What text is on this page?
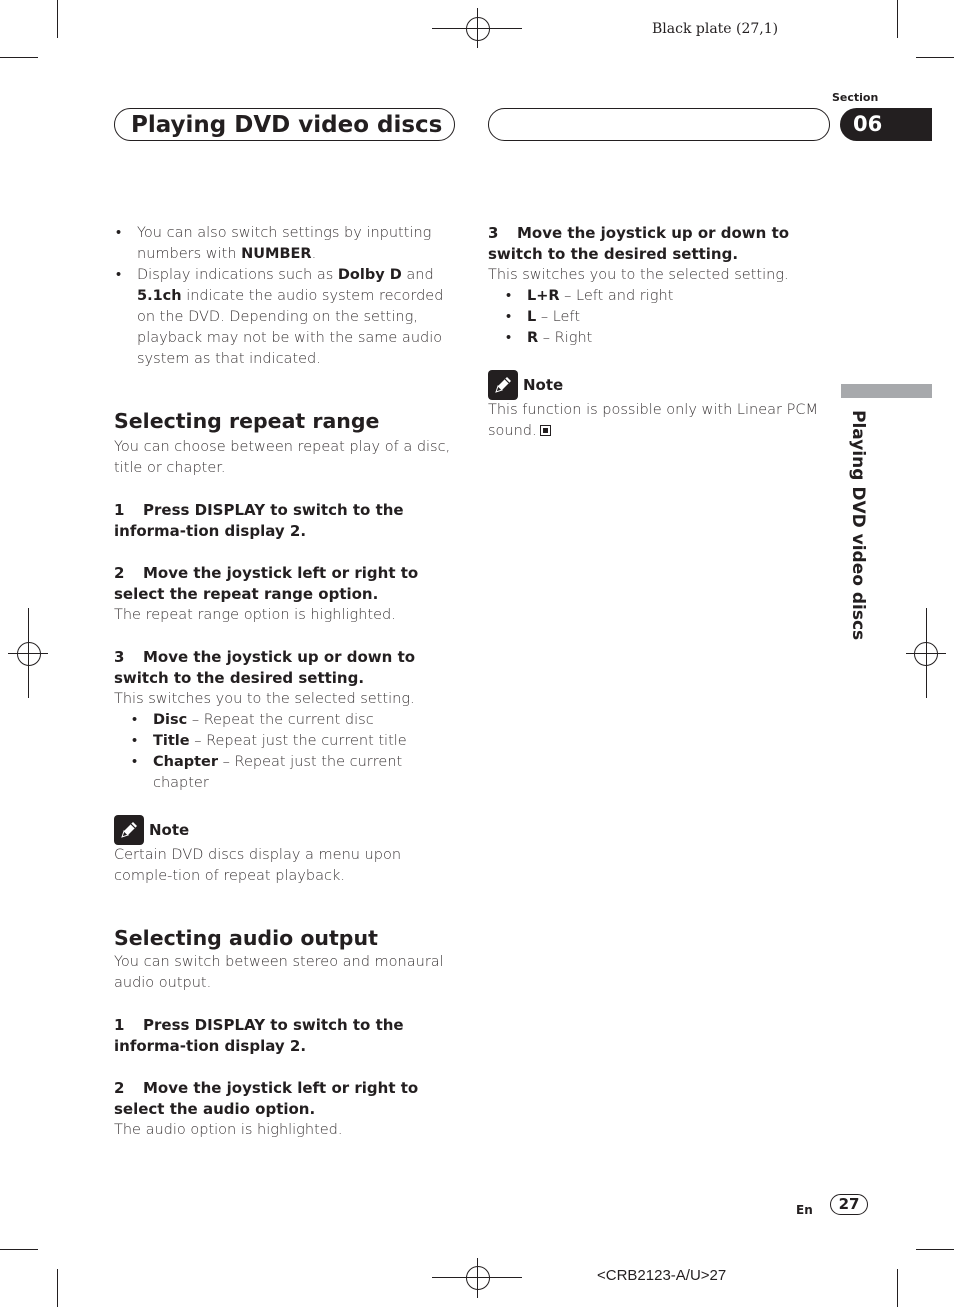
Black plate (27,1)
Playing DVD video discs
Section
06
• You can also switch settings by inputting numbers with NUMBER.
• Display indications such as Dolby D and 5.1ch indicate the audio system recorded on the DVD. Depending on the setting, playback may not be with the same audio system as that indicated.
Selecting repeat range
You can choose between repeat play of a disc, title or chapter.
1 Press DISPLAY to switch to the informa-tion display 2.
2 Move the joystick left or right to select the repeat range option.
The repeat range option is highlighted.
3 Move the joystick up or down to switch to the desired setting.
This switches you to the selected setting.
• Disc – Repeat the current disc
• Title – Repeat just the current title
• Chapter – Repeat just the current chapter
Note
Certain DVD discs display a menu upon comple-tion of repeat playback.
Selecting audio output
You can switch between stereo and monaural audio output.
1 Press DISPLAY to switch to the informa-tion display 2.
2 Move the joystick left or right to select the audio option.
The audio option is highlighted.
3 Move the joystick up or down to switch to the desired setting.
This switches you to the selected setting.
• L+R – Left and right
• L – Left
• R – Right
Note
This function is possible only with Linear PCM sound.	Playing DVD video discs
En	27
<CRB2123-A/U>27
